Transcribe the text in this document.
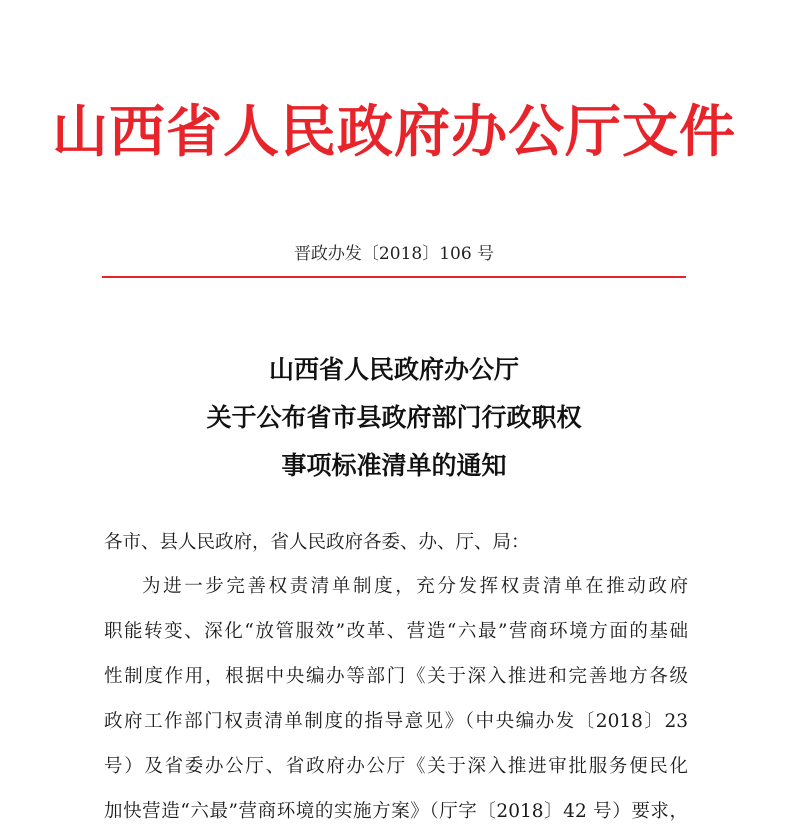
山西省人民政府办公厅文件
晋政办发〔2018〕106 号
山西省人民政府办公厅
关于公布省市县政府部门行政职权
事项标准清单的通知
各市、县人民政府，省人民政府各委、办、厅、局：
为进一步完善权责清单制度，充分发挥权责清单在推动政府
职能转变、深化“放管服效”改革、营造“六最”营商环境方面的基础
性制度作用，根据中央编办等部门《关于深入推进和完善地方各级
政府工作部门权责清单制度的指导意见》（中央编办发〔2018〕23
号）及省委办公厅、省政府办公厅《关于深入推进审批服务便民化
加快营造“六最”营商环境的实施方案》（厅字〔2018〕42 号）要求，
